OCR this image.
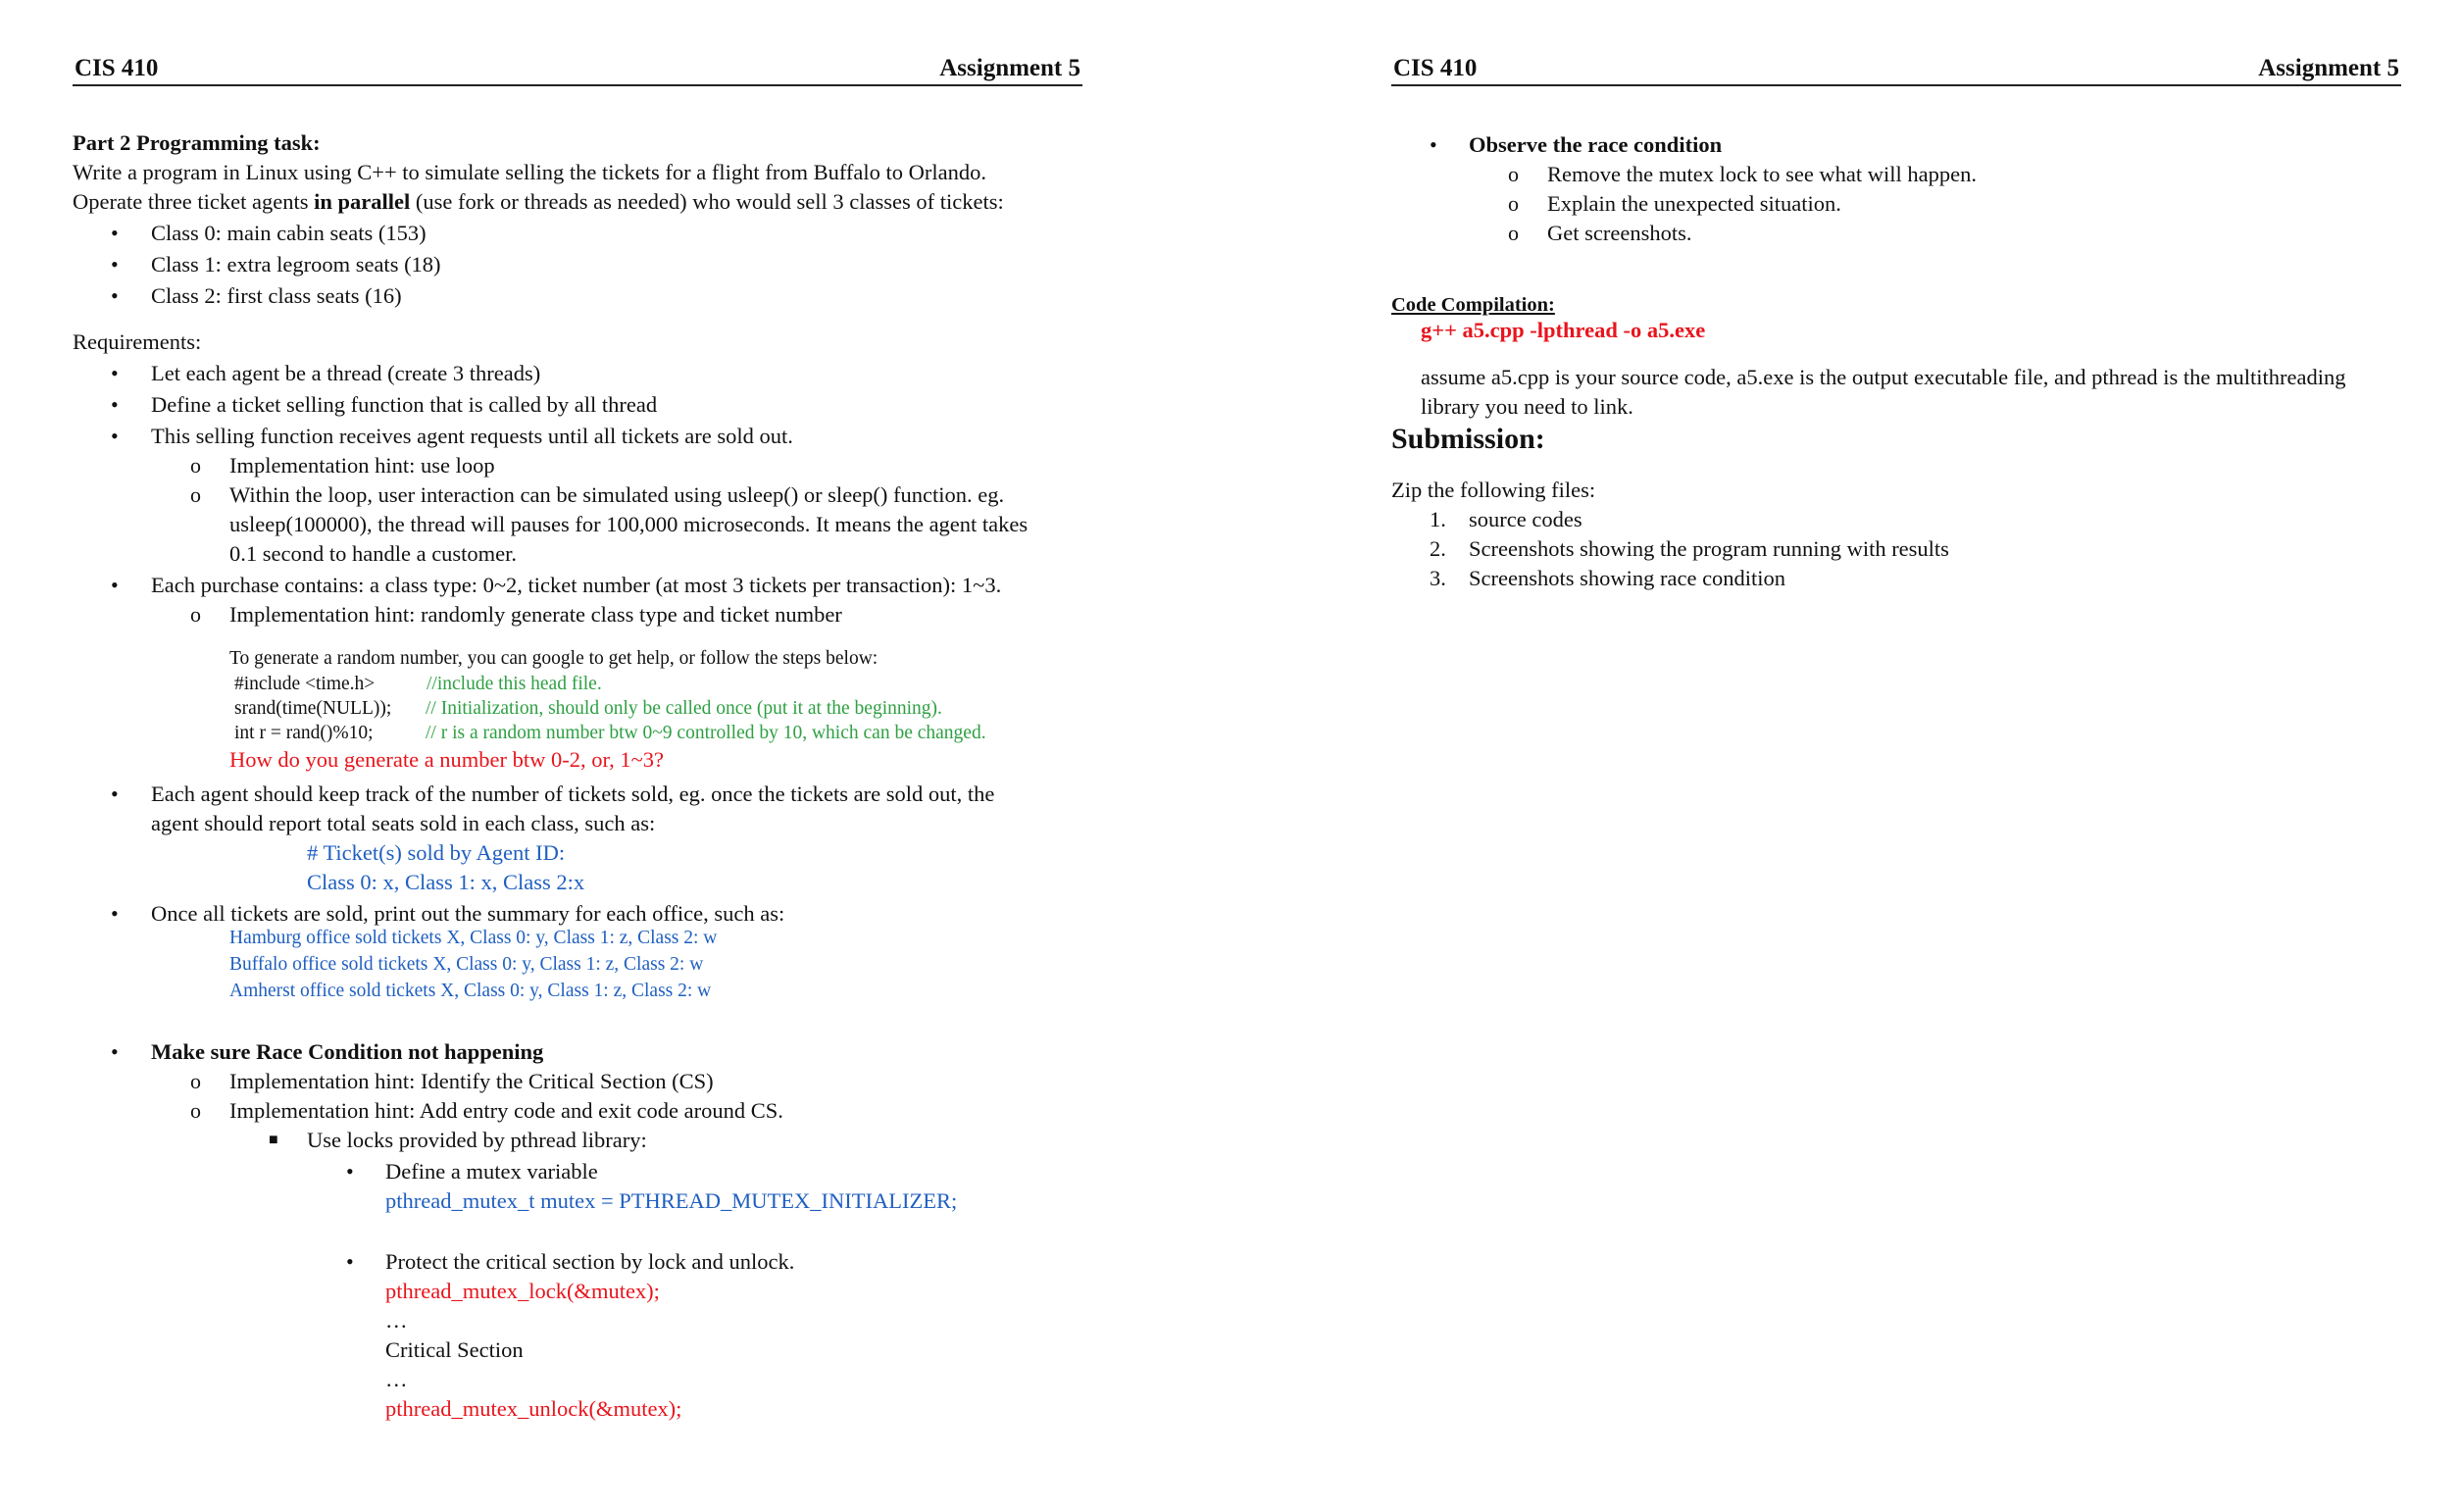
CIS 410	Assignment 5
Part 2 Programming task:
Write a program in Linux using C++ to simulate selling the tickets for a flight from Buffalo to Orlando.
Operate three ticket agents in parallel (use fork or threads as needed) who would sell 3 classes of tickets:
• Class 0: main cabin seats (153)
• Class 1: extra legroom seats (18)
• Class 2: first class seats (16)
Requirements:
• Let each agent be a thread (create 3 threads)
• Define a ticket selling function that is called by all thread
• This selling function receives agent requests until all tickets are sold out.
o Implementation hint: use loop
o Within the loop, user interaction can be simulated using usleep() or sleep() function. eg.
usleep(100000), the thread will pauses for 100,000 microseconds. It means the agent takes
0.1 second to handle a customer.
• Each purchase contains: a class type: 0~2, ticket number (at most 3 tickets per transaction): 1~3.
o Implementation hint: randomly generate class type and ticket number
To generate a random number, you can google to get help, or follow the steps below:
#include <time.h>	//include this head file.
srand(time(NULL)); // Initialization, should only be called once (put it at the beginning).
int r = rand()%10;	// r is a random number btw 0~9 controlled by 10, which can be changed.
How do you generate a number btw 0-2, or, 1~3?
• Each agent should keep track of the number of tickets sold, eg. once the tickets are sold out, the
agent should report total seats sold in each class, such as:
# Ticket(s) sold by Agent ID:
Class 0: x, Class 1: x, Class 2:x
• Once all tickets are sold, print out the summary for each office, such as:
Hamburg office sold tickets X, Class 0: y, Class 1: z, Class 2: w
Buffalo office sold tickets X, Class 0: y, Class 1: z, Class 2: w
Amherst office sold tickets X, Class 0: y, Class 1: z, Class 2: w
• Make sure Race Condition not happening
o Implementation hint: Identify the Critical Section (CS)
o Implementation hint: Add entry code and exit code around CS.
■ Use locks provided by pthread library:
• Define a mutex variable
pthread_mutex_t mutex = PTHREAD_MUTEX_INITIALIZER;
• Protect the critical section by lock and unlock.
pthread_mutex_lock(&mutex);
…
Critical Section
…
pthread_mutex_unlock(&mutex);
CIS 410	Assignment 5
• Observe the race condition
o Remove the mutex lock to see what will happen.
o Explain the unexpected situation.
o Get screenshots.
Code Compilation:
g++ a5.cpp -lpthread -o a5.exe
assume a5.cpp is your source code, a5.exe is the output executable file, and pthread is the multithreading
library you need to link.
Submission:
Zip the following files:
1. source codes
2. Screenshots showing the program running with results
3. Screenshots showing race condition
